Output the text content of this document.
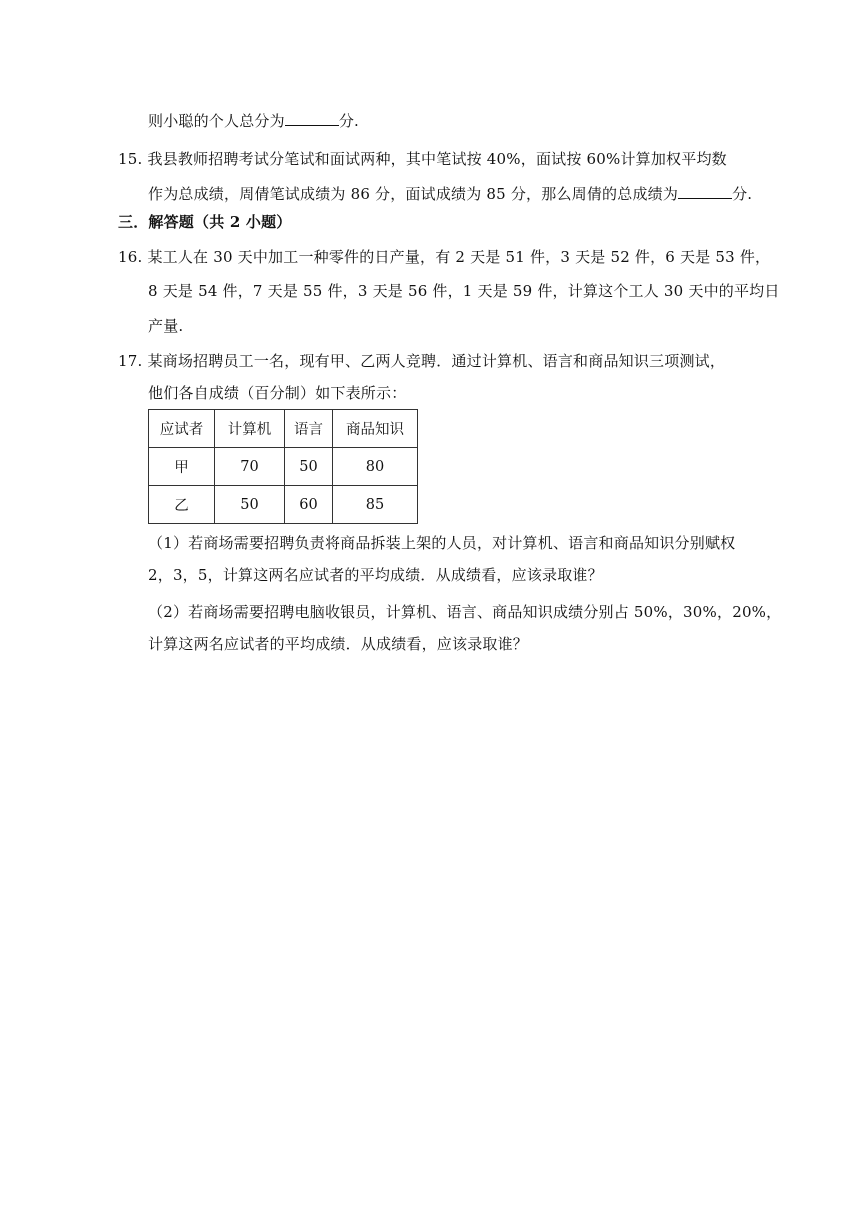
则小聪的个人总分为	分.
15. 我县教师招聘考试分笔试和面试两种，其中笔试按 40%，面试按 60%计算加权平均数
作为总成绩，周倩笔试成绩为 86 分，面试成绩为 85 分，那么周倩的总成绩为	分.
三．解答题（共 2 小题）
16. 某工人在 30 天中加工一种零件的日产量，有 2 天是 51 件，3 天是 52 件，6 天是 53 件，
8 天是 54 件，7 天是 55 件，3 天是 56 件，1 天是 59 件，计算这个工人 30 天中的平均日
产量.
17. 某商场招聘员工一名，现有甲、乙两人竞聘．通过计算机、语言和商品知识三项测试，
他们各自成绩（百分制）如下表所示：
应试者	计算机	语言	商品知识
甲	70	50	80
乙	50	60	85
（1）若商场需要招聘负责将商品拆装上架的人员，对计算机、语言和商品知识分别赋权
2，3，5，计算这两名应试者的平均成绩．从成绩看，应该录取谁？
（2）若商场需要招聘电脑收银员，计算机、语言、商品知识成绩分别占 50%，30%，20%，
计算这两名应试者的平均成绩．从成绩看，应该录取谁？
